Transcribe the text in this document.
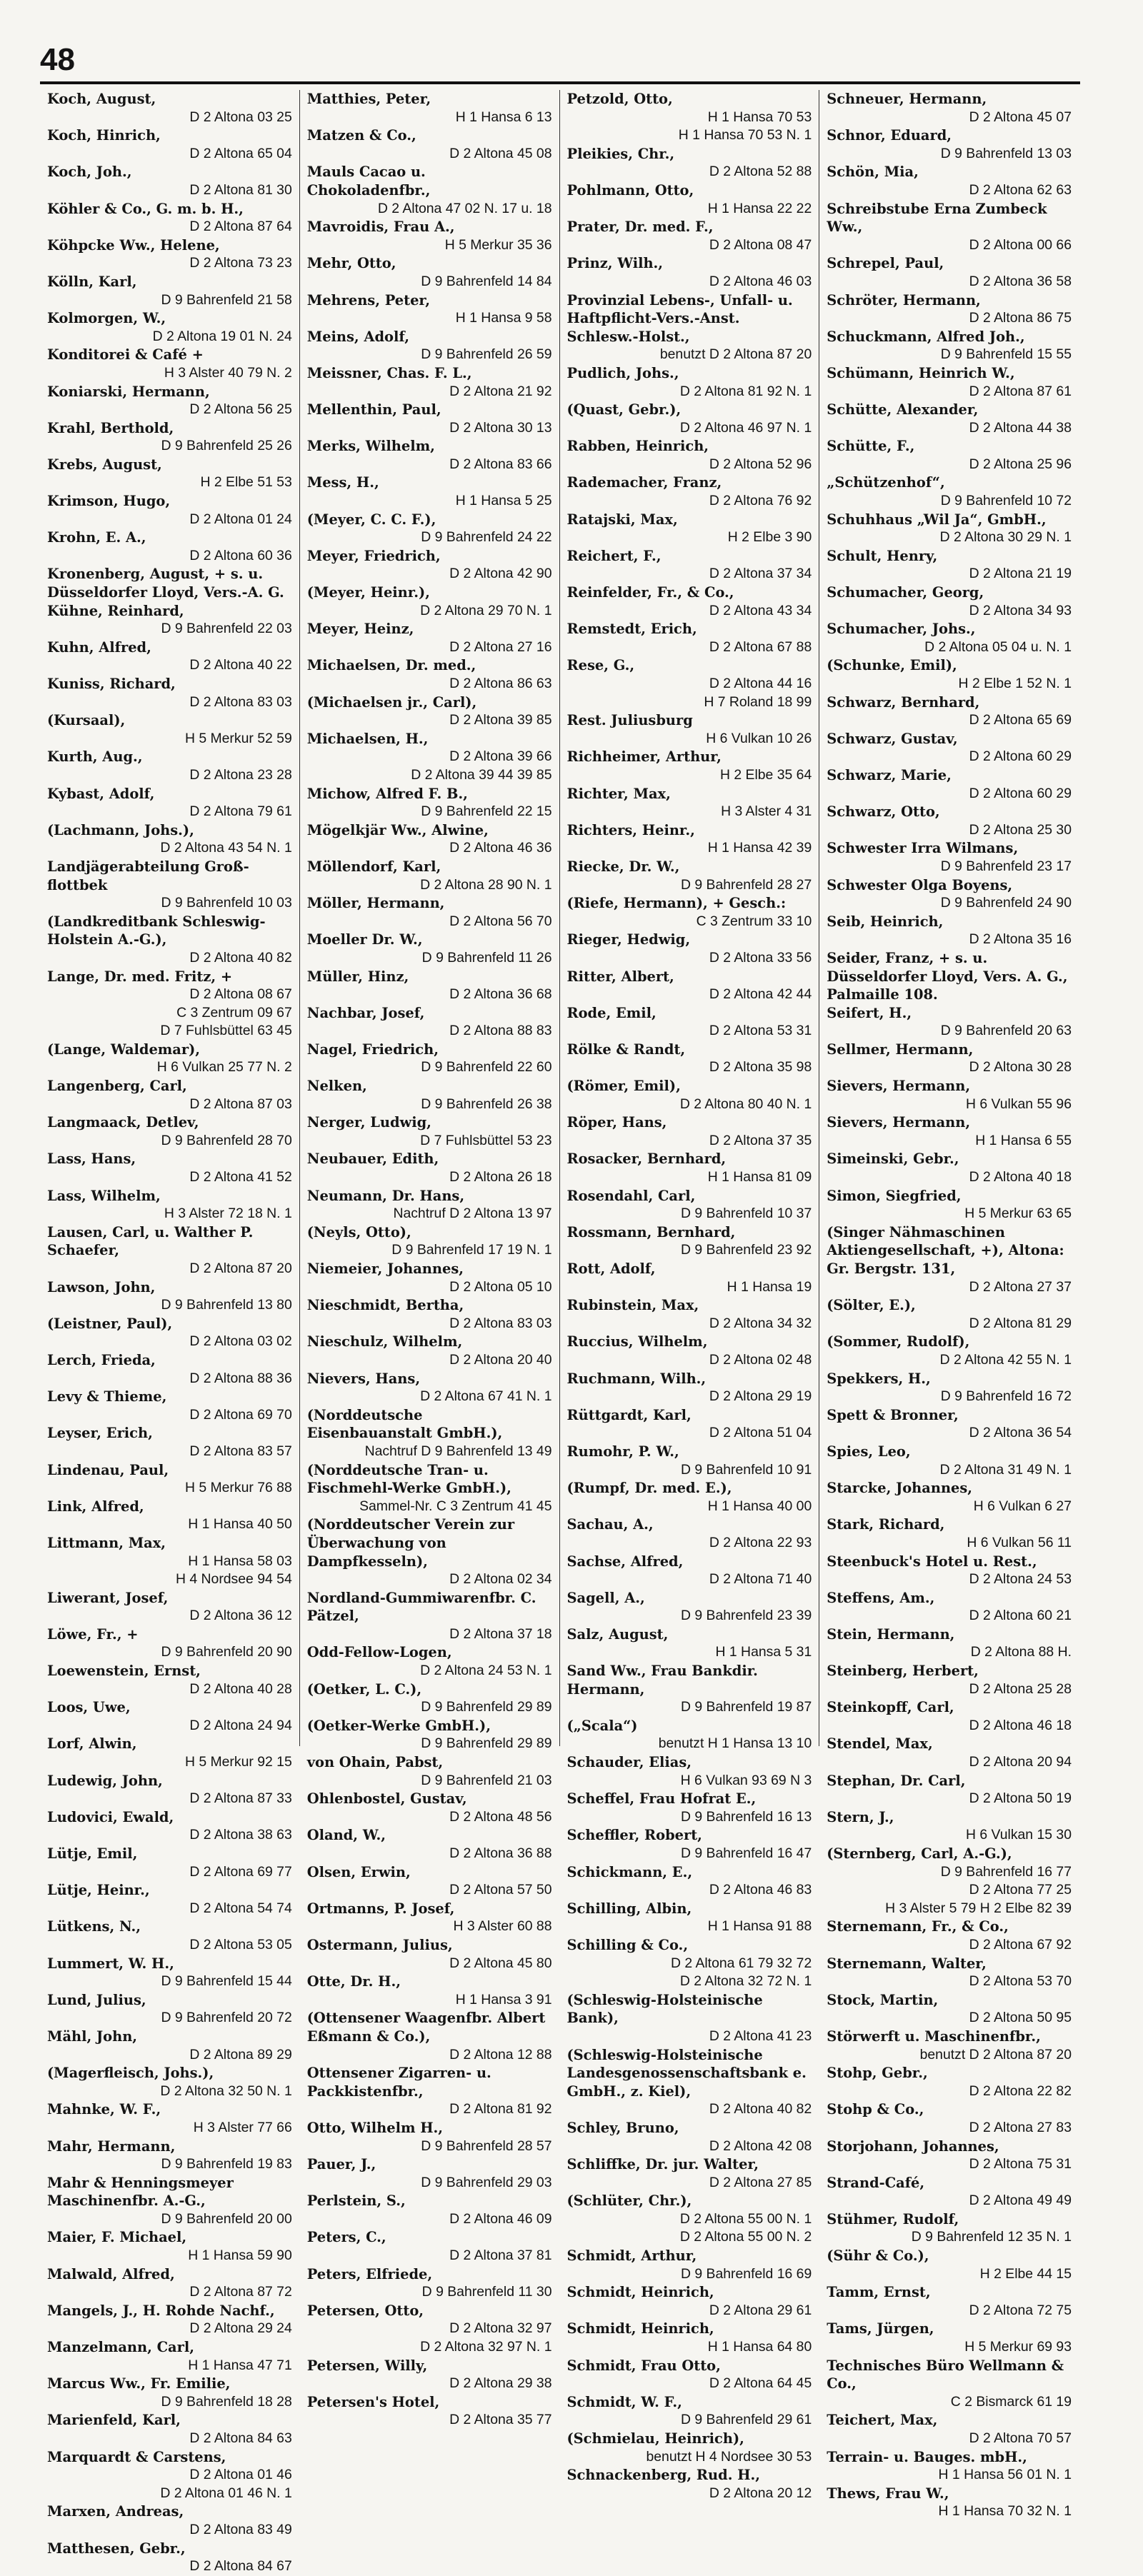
48
Koch, August,
D 2 Altona 03 25
Koch, Hinrich,
D 2 Altona 65 04
Koch, Joh.,
D 2 Altona 81 30
Köhler & Co., G. m. b. H.,
D 2 Altona 87 64
Köhpcke Ww., Helene,
D 2 Altona 73 23
Kölln, Karl,
D 9 Bahrenfeld 21 58
Kolmorgen, W.,
D 2 Altona 19 01 N. 24
Konditorei & Café +
H 3 Alster 40 79 N. 2
Koniarski, Hermann,
D 2 Altona 56 25
Krahl, Berthold,
D 9 Bahrenfeld 25 26
Krebs, August,
H 2 Elbe 51 53
Krimson, Hugo,
D 2 Altona 01 24
Krohn, E. A.,
D 2 Altona 60 36
Kronenberg, August, + s. u. Düsseldorfer Lloyd, Vers.-A. G.
Kühne, Reinhard,
D 9 Bahrenfeld 22 03
Kuhn, Alfred,
D 2 Altona 40 22
Kuniss, Richard,
D 2 Altona 83 03
(Kursaal),
H 5 Merkur 52 59
Kurth, Aug.,
D 2 Altona 23 28
Kybast, Adolf,
D 2 Altona 79 61
(Lachmann, Johs.),
D 2 Altona 43 54 N. 1
Landjägerabteilung Groß-flottbek
D 9 Bahrenfeld 10 03
(Landkreditbank Schleswig-Holstein A.-G.),
D 2 Altona 40 82
Lange, Dr. med. Fritz, +
D 2 Altona 08 67
C 3 Zentrum 09 67
D 7 Fuhlsbüttel 63 45
(Lange, Waldemar),
H 6 Vulkan 25 77 N. 2
Langenberg, Carl,
D 2 Altona 87 03
Langmaack, Detlev,
D 9 Bahrenfeld 28 70
Lass, Hans,
D 2 Altona 41 52
Lass, Wilhelm,
H 3 Alster 72 18 N. 1
Lausen, Carl, u. Walther P. Schaefer,
D 2 Altona 87 20
Lawson, John,
D 9 Bahrenfeld 13 80
(Leistner, Paul),
D 2 Altona 03 02
Lerch, Frieda,
D 2 Altona 88 36
Levy & Thieme,
D 2 Altona 69 70
Leyser, Erich,
D 2 Altona 83 57
Lindenau, Paul,
H 5 Merkur 76 88
Link, Alfred,
H 1 Hansa 40 50
Littmann, Max,
H 1 Hansa 58 03
H 4 Nordsee 94 54
Liwerant, Josef,
D 2 Altona 36 12
Löwe, Fr., +
D 9 Bahrenfeld 20 90
Loewenstein, Ernst,
D 2 Altona 40 28
Loos, Uwe,
D 2 Altona 24 94
Lorf, Alwin,
H 5 Merkur 92 15
Ludewig, John,
D 2 Altona 87 33
Ludovici, Ewald,
D 2 Altona 38 63
Lütje, Emil,
D 2 Altona 69 77
Lütje, Heinr.,
D 2 Altona 54 74
Lütkens, N.,
D 2 Altona 53 05
Lummert, W. H.,
D 9 Bahrenfeld 15 44
Lund, Julius,
D 9 Bahrenfeld 20 72
Mähl, John,
D 2 Altona 89 29
(Magerfleisch, Johs.),
D 2 Altona 32 50 N. 1
Mahnke, W. F.,
H 3 Alster 77 66
Mahr, Hermann,
D 9 Bahrenfeld 19 83
Mahr & Henningsmeyer Maschinenfbr. A.-G.,
D 9 Bahrenfeld 20 00
Maier, F. Michael,
H 1 Hansa 59 90
Malwald, Alfred,
D 2 Altona 87 72
Mangels, J., H. Rohde Nachf.,
D 2 Altona 29 24
Manzelmann, Carl,
H 1 Hansa 47 71
Marcus Ww., Fr. Emilie,
D 9 Bahrenfeld 18 28
Marienfeld, Karl,
D 2 Altona 84 63
Marquardt & Carstens,
D 2 Altona 01 46
D 2 Altona 01 46 N. 1
Marxen, Andreas,
D 2 Altona 83 49
Matthesen, Gebr.,
D 2 Altona 84 67
Matthies, Peter,
H 1 Hansa 6 13
Matzen & Co.,
D 2 Altona 45 08
Mauls Cacao u. Chokoladenfbr.,
D 2 Altona 47 02 N. 17 u. 18
Mavroidis, Frau A.,
H 5 Merkur 35 36
Mehr, Otto,
D 9 Bahrenfeld 14 84
Mehrens, Peter,
H 1 Hansa 9 58
Meins, Adolf,
D 9 Bahrenfeld 26 59
Meissner, Chas. F. L.,
D 2 Altona 21 92
Mellenthin, Paul,
D 2 Altona 30 13
Merks, Wilhelm,
D 2 Altona 83 66
Mess, H.,
H 1 Hansa 5 25
(Meyer, C. C. F.),
D 9 Bahrenfeld 24 22
Meyer, Friedrich,
D 2 Altona 42 90
(Meyer, Heinr.),
D 2 Altona 29 70 N. 1
Meyer, Heinz,
D 2 Altona 27 16
Michaelsen, Dr. med.,
D 2 Altona 86 63
(Michaelsen jr., Carl),
D 2 Altona 39 85
Michaelsen, H.,
D 2 Altona 39 66
D 2 Altona 39 44 39 85
Michow, Alfred F. B.,
D 9 Bahrenfeld 22 15
Mögelkjär Ww., Alwine,
D 2 Altona 46 36
Möllendorf, Karl,
D 2 Altona 28 90 N. 1
Möller, Hermann,
D 2 Altona 56 70
Moeller Dr. W.,
D 9 Bahrenfeld 11 26
Müller, Hinz,
D 2 Altona 36 68
Nachbar, Josef,
D 2 Altona 88 83
Nagel, Friedrich,
D 9 Bahrenfeld 22 60
Nelken,
D 9 Bahrenfeld 26 38
Nerger, Ludwig,
D 7 Fuhlsbüttel 53 23
Neubauer, Edith,
D 2 Altona 26 18
Neumann, Dr. Hans,
Nachtruf D 2 Altona 13 97
(Neyls, Otto),
D 9 Bahrenfeld 17 19 N. 1
Niemeier, Johannes,
D 2 Altona 05 10
Nieschmidt, Bertha,
D 2 Altona 83 03
Nieschulz, Wilhelm,
D 2 Altona 20 40
Nievers, Hans,
D 2 Altona 67 41 N. 1
(Norddeutsche Eisenbauanstalt GmbH.),
Nachtruf D 9 Bahrenfeld 13 49
(Norddeutsche Tran- u. Fischmehl-Werke GmbH.),
Sammel-Nr. C 3 Zentrum 41 45
(Norddeutscher Verein zur Überwachung von Dampfkesseln),
D 2 Altona 02 34
Nordland-Gummiwarenfbr. C. Pätzel,
D 2 Altona 37 18
Odd-Fellow-Logen,
D 2 Altona 24 53 N. 1
(Oetker, L. C.),
D 9 Bahrenfeld 29 89
(Oetker-Werke GmbH.),
D 9 Bahrenfeld 29 89
von Ohain, Pabst,
D 9 Bahrenfeld 21 03
Ohlenbostel, Gustav,
D 2 Altona 48 56
Oland, W.,
D 2 Altona 36 88
Olsen, Erwin,
D 2 Altona 57 50
Ortmanns, P. Josef,
H 3 Alster 60 88
Ostermann, Julius,
D 2 Altona 45 80
Otte, Dr. H.,
H 1 Hansa 3 91
(Ottensener Waagenfbr. Albert Eßmann & Co.),
D 2 Altona 12 88
Ottensener Zigarren- u. Packkistenfbr.,
D 2 Altona 81 92
Otto, Wilhelm H.,
D 9 Bahrenfeld 28 57
Pauer, J.,
D 9 Bahrenfeld 29 03
Perlstein, S.,
D 2 Altona 46 09
Peters, C.,
D 2 Altona 37 81
Peters, Elfriede,
D 9 Bahrenfeld 11 30
Petersen, Otto,
D 2 Altona 32 97
D 2 Altona 32 97 N. 1
Petersen, Willy,
D 2 Altona 29 38
Petersen's Hotel,
D 2 Altona 35 77
Petzold, Otto,
H 1 Hansa 70 53
H 1 Hansa 70 53 N. 1
Pleikies, Chr.,
D 2 Altona 52 88
Pohlmann, Otto,
H 1 Hansa 22 22
Prater, Dr. med. F.,
D 2 Altona 08 47
Prinz, Wilh.,
D 2 Altona 46 03
Provinzial Lebens-, Unfall- u. Haftpflicht-Vers.-Anst. Schlesw.-Holst.,
benutzt D 2 Altona 87 20
Pudlich, Johs.,
D 2 Altona 81 92 N. 1
(Quast, Gebr.),
D 2 Altona 46 97 N. 1
Rabben, Heinrich,
D 2 Altona 52 96
Rademacher, Franz,
D 2 Altona 76 92
Ratajski, Max,
H 2 Elbe 3 90
Reichert, F.,
D 2 Altona 37 34
Reinfelder, Fr., & Co.,
D 2 Altona 43 34
Remstedt, Erich,
D 2 Altona 67 88
Rese, G.,
D 2 Altona 44 16
H 7 Roland 18 99
Rest. Juliusburg
H 6 Vulkan 10 26
Richheimer, Arthur,
H 2 Elbe 35 64
Richter, Max,
H 3 Alster 4 31
Richters, Heinr.,
H 1 Hansa 42 39
Riecke, Dr. W.,
D 9 Bahrenfeld 28 27
(Riefe, Hermann), + Gesch.:
C 3 Zentrum 33 10
Rieger, Hedwig,
D 2 Altona 33 56
Ritter, Albert,
D 2 Altona 42 44
Rode, Emil,
D 2 Altona 53 31
Rölke & Randt,
D 2 Altona 35 98
(Römer, Emil),
D 2 Altona 80 40 N. 1
Röper, Hans,
D 2 Altona 37 35
Rosacker, Bernhard,
H 1 Hansa 81 09
Rosendahl, Carl,
D 9 Bahrenfeld 10 37
Rossmann, Bernhard,
D 9 Bahrenfeld 23 92
Rott, Adolf,
H 1 Hansa 19
Rubinstein, Max,
D 2 Altona 34 32
Ruccius, Wilhelm,
D 2 Altona 02 48
Ruchmann, Wilh.,
D 2 Altona 29 19
Rüttgardt, Karl,
D 2 Altona 51 04
Rumohr, P. W.,
D 9 Bahrenfeld 10 91
(Rumpf, Dr. med. E.),
H 1 Hansa 40 00
Sachau, A.,
D 2 Altona 22 93
Sachse, Alfred,
D 2 Altona 71 40
Sagell, A.,
D 9 Bahrenfeld 23 39
Salz, August,
H 1 Hansa 5 31
Sand Ww., Frau Bankdir. Hermann,
D 9 Bahrenfeld 19 87
(„Scala“)
benutzt H 1 Hansa 13 10
Schauder, Elias,
H 6 Vulkan 93 69 N 3
Scheffel, Frau Hofrat E.,
D 9 Bahrenfeld 16 13
Scheffler, Robert,
D 9 Bahrenfeld 16 47
Schickmann, E.,
D 2 Altona 46 83
Schilling, Albin,
H 1 Hansa 91 88
Schilling & Co.,
D 2 Altona 61 79 32 72
D 2 Altona 32 72 N. 1
(Schleswig-Holsteinische Bank),
D 2 Altona 41 23
(Schleswig-Holsteinische Landesgenossenschaftsbank e. GmbH., z. Kiel),
D 2 Altona 40 82
Schley, Bruno,
D 2 Altona 42 08
Schliffke, Dr. jur. Walter,
D 2 Altona 27 85
(Schlüter, Chr.),
D 2 Altona 55 00 N. 1
D 2 Altona 55 00 N. 2
Schmidt, Arthur,
D 9 Bahrenfeld 16 69
Schmidt, Heinrich,
D 2 Altona 29 61
Schmidt, Heinrich,
H 1 Hansa 64 80
Schmidt, Frau Otto,
D 2 Altona 64 45
Schmidt, W. F.,
D 9 Bahrenfeld 29 61
(Schmielau, Heinrich),
benutzt H 4 Nordsee 30 53
Schnackenberg, Rud. H.,
D 2 Altona 20 12
Schneuer, Hermann,
D 2 Altona 45 07
Schnor, Eduard,
D 9 Bahrenfeld 13 03
Schön, Mia,
D 2 Altona 62 63
Schreibstube Erna Zumbeck Ww.,
D 2 Altona 00 66
Schrepel, Paul,
D 2 Altona 36 58
Schröter, Hermann,
D 2 Altona 86 75
Schuckmann, Alfred Joh.,
D 9 Bahrenfeld 15 55
Schümann, Heinrich W.,
D 2 Altona 87 61
Schütte, Alexander,
D 2 Altona 44 38
Schütte, F.,
D 2 Altona 25 96
„Schützenhof“,
D 9 Bahrenfeld 10 72
Schuhhaus „Wil Ja“, GmbH.,
D 2 Altona 30 29 N. 1
Schult, Henry,
D 2 Altona 21 19
Schumacher, Georg,
D 2 Altona 34 93
Schumacher, Johs.,
D 2 Altona 05 04 u. N. 1
(Schunke, Emil),
H 2 Elbe 1 52 N. 1
Schwarz, Bernhard,
D 2 Altona 65 69
Schwarz, Gustav,
D 2 Altona 60 29
Schwarz, Marie,
D 2 Altona 60 29
Schwarz, Otto,
D 2 Altona 25 30
Schwester Irra Wilmans,
D 9 Bahrenfeld 23 17
Schwester Olga Boyens,
D 9 Bahrenfeld 24 90
Seib, Heinrich,
D 2 Altona 35 16
Seider, Franz, + s. u. Düsseldorfer Lloyd, Vers. A. G., Palmaille 108.
Seifert, H.,
D 9 Bahrenfeld 20 63
Sellmer, Hermann,
D 2 Altona 30 28
Sievers, Hermann,
H 6 Vulkan 55 96
Sievers, Hermann,
H 1 Hansa 6 55
Simeinski, Gebr.,
D 2 Altona 40 18
Simon, Siegfried,
H 5 Merkur 63 65
(Singer Nähmaschinen Aktiengesellschaft, +), Altona: Gr. Bergstr. 131,
D 2 Altona 27 37
(Sölter, E.),
D 2 Altona 81 29
(Sommer, Rudolf),
D 2 Altona 42 55 N. 1
Spekkers, H.,
D 9 Bahrenfeld 16 72
Spett & Bronner,
D 2 Altona 36 54
Spies, Leo,
D 2 Altona 31 49 N. 1
Starcke, Johannes,
H 6 Vulkan 6 27
Stark, Richard,
H 6 Vulkan 56 11
Steenbuck's Hotel u. Rest.,
D 2 Altona 24 53
Steffens, Am.,
D 2 Altona 60 21
Stein, Hermann,
D 2 Altona 88 H.
Steinberg, Herbert,
D 2 Altona 25 28
Steinkopff, Carl,
D 2 Altona 46 18
Stendel, Max,
D 2 Altona 20 94
Stephan, Dr. Carl,
D 2 Altona 50 19
Stern, J.,
H 6 Vulkan 15 30
(Sternberg, Carl, A.-G.),
D 9 Bahrenfeld 16 77
D 2 Altona 77 25
H 3 Alster 5 79 H 2 Elbe 82 39
Sternemann, Fr., & Co.,
D 2 Altona 67 92
Sternemann, Walter,
D 2 Altona 53 70
Stock, Martin,
D 2 Altona 50 95
Störwerft u. Maschinenfbr.,
benutzt D 2 Altona 87 20
Stohp, Gebr.,
D 2 Altona 22 82
Stohp & Co.,
D 2 Altona 27 83
Storjohann, Johannes,
D 2 Altona 75 31
Strand-Café,
D 2 Altona 49 49
Stühmer, Rudolf,
D 9 Bahrenfeld 12 35 N. 1
(Sühr & Co.),
H 2 Elbe 44 15
Tamm, Ernst,
D 2 Altona 72 75
Tams, Jürgen,
H 5 Merkur 69 93
Technisches Büro Wellmann & Co.,
C 2 Bismarck 61 19
Teichert, Max,
D 2 Altona 70 57
Terrain- u. Bauges. mbH.,
H 1 Hansa 56 01 N. 1
Thews, Frau W.,
H 1 Hansa 70 32 N. 1
